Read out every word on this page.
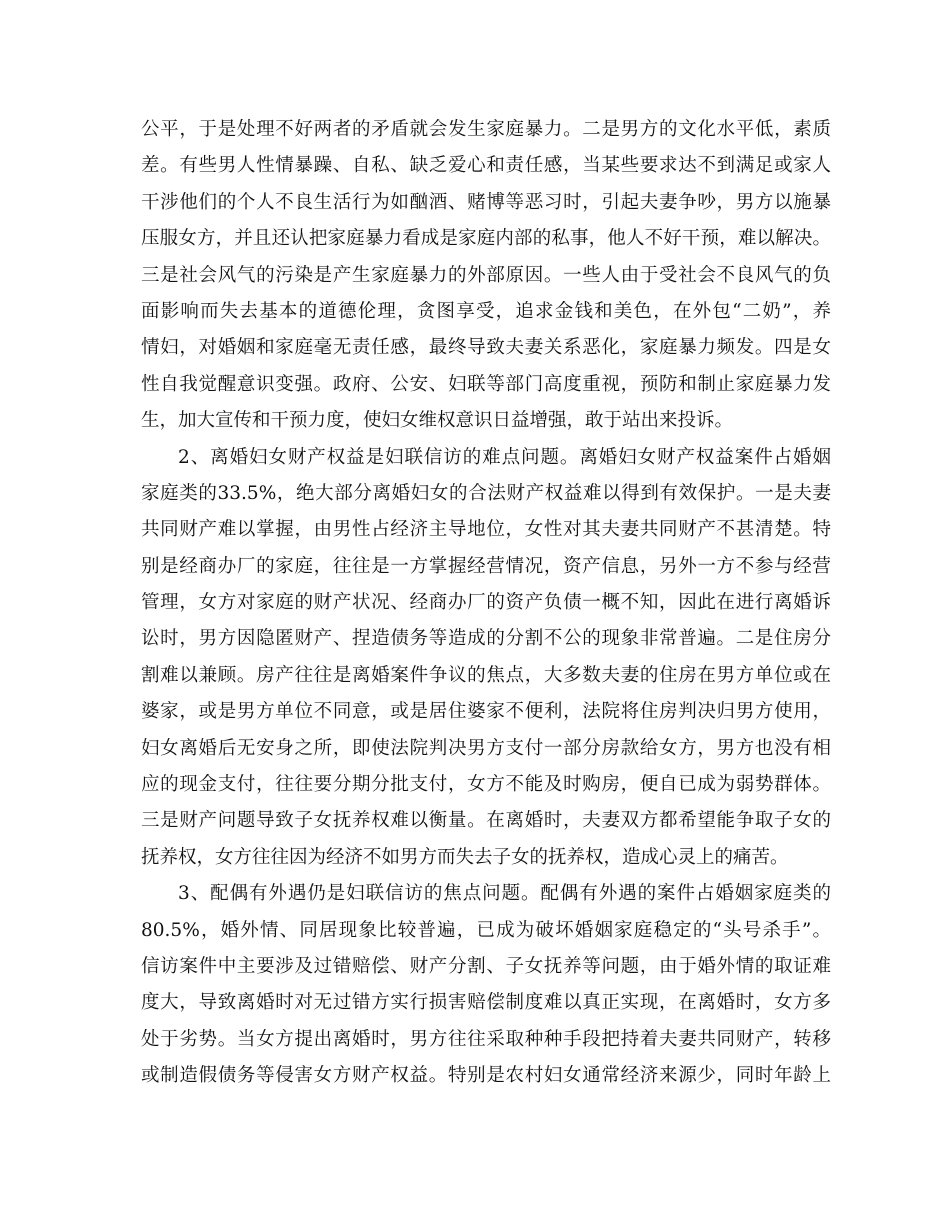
公平，于是处理不好两者的矛盾就会发生家庭暴力。二是男方的文化水平低，素质
差。有些男人性情暴躁、自私、缺乏爱心和责任感，当某些要求达不到满足或家人
干涉他们的个人不良生活行为如酗酒、赌博等恶习时，引起夫妻争吵，男方以施暴
压服女方，并且还认把家庭暴力看成是家庭内部的私事，他人不好干预，难以解决。
三是社会风气的污染是产生家庭暴力的外部原因。一些人由于受社会不良风气的负
面影响而失去基本的道德伦理，贪图享受，追求金钱和美色，在外包“二奶”，养
情妇，对婚姻和家庭毫无责任感，最终导致夫妻关系恶化，家庭暴力频发。四是女
性自我觉醒意识变强。政府、公安、妇联等部门高度重视，预防和制止家庭暴力发
生，加大宣传和干预力度，使妇女维权意识日益增强，敢于站出来投诉。
2、离婚妇女财产权益是妇联信访的难点问题。离婚妇女财产权益案件占婚姻
家庭类的33.5%，绝大部分离婚妇女的合法财产权益难以得到有效保护。一是夫妻
共同财产难以掌握，由男性占经济主导地位，女性对其夫妻共同财产不甚清楚。特
别是经商办厂的家庭，往往是一方掌握经营情况，资产信息，另外一方不参与经营
管理，女方对家庭的财产状况、经商办厂的资产负债一概不知，因此在进行离婚诉
讼时，男方因隐匿财产、捏造债务等造成的分割不公的现象非常普遍。二是住房分
割难以兼顾。房产往往是离婚案件争议的焦点，大多数夫妻的住房在男方单位或在
婆家，或是男方单位不同意，或是居住婆家不便利，法院将住房判决归男方使用，
妇女离婚后无安身之所，即使法院判决男方支付一部分房款给女方，男方也没有相
应的现金支付，往往要分期分批支付，女方不能及时购房，便自已成为弱势群体。
三是财产问题导致子女抚养权难以衡量。在离婚时，夫妻双方都希望能争取子女的
抚养权，女方往往因为经济不如男方而失去子女的抚养权，造成心灵上的痛苦。
3、配偶有外遇仍是妇联信访的焦点问题。配偶有外遇的案件占婚姻家庭类的
80.5%，婚外情、同居现象比较普遍，已成为破坏婚姻家庭稳定的“头号杀手”。
信访案件中主要涉及过错赔偿、财产分割、子女抚养等问题，由于婚外情的取证难
度大，导致离婚时对无过错方实行损害赔偿制度难以真正实现，在离婚时，女方多
处于劣势。当女方提出离婚时，男方往往采取种种手段把持着夫妻共同财产，转移
或制造假债务等侵害女方财产权益。特别是农村妇女通常经济来源少，同时年龄上
